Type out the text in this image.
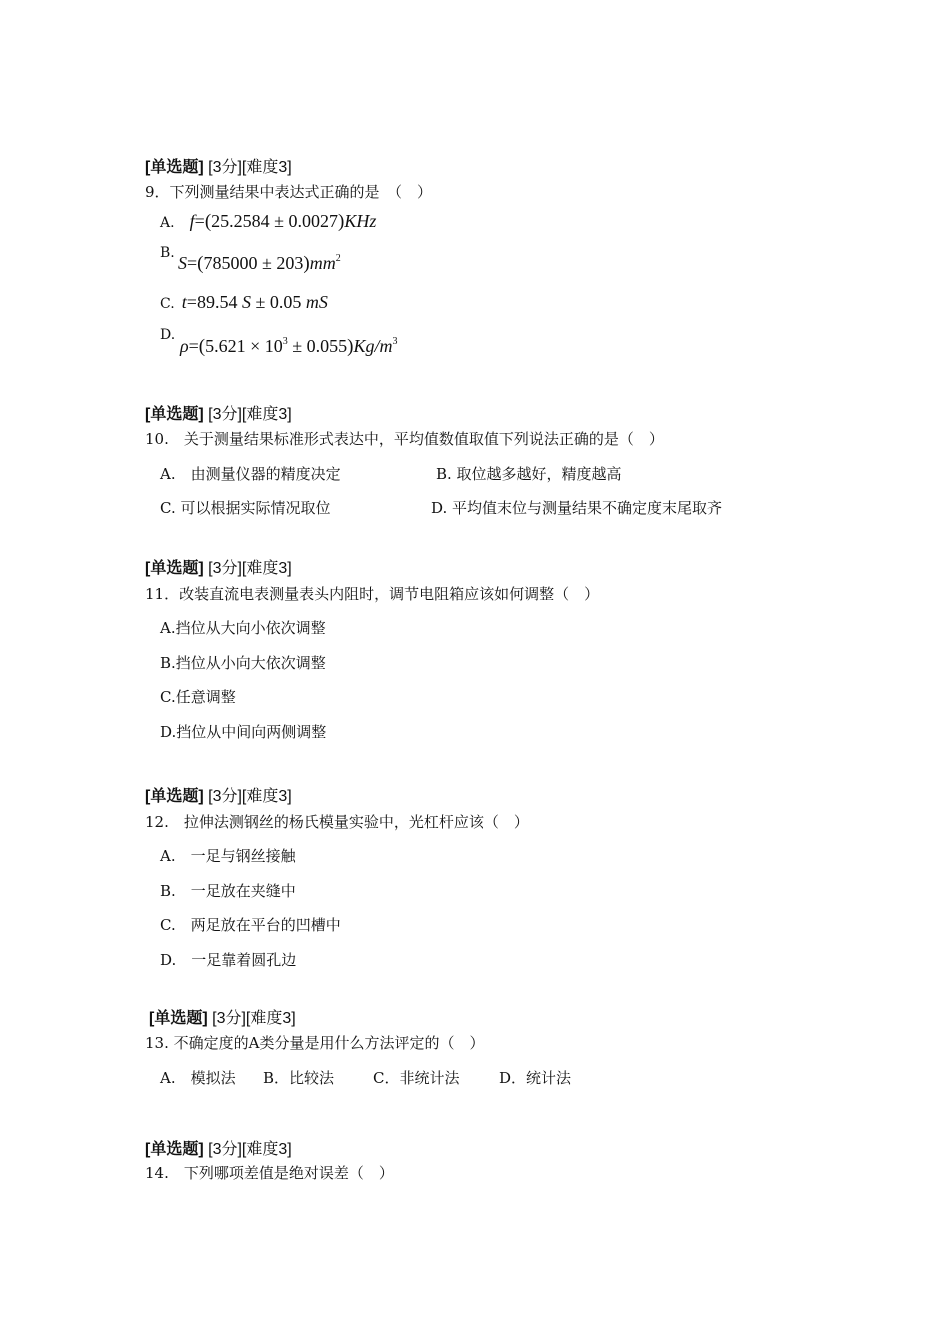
[单选题] [3分][难度3]
9．下列测量结果中表达式正确的是　（　）
A. f=(25.2584 ± 0.0027)KHz
B. $S=(785000 \pm 203)mm^2$
C. t=89.54 S ± 0.05 mS
D.
$\rho=(5.621 \times 10^3 \pm 0.055)Kg/m^3$
[单选题] [3分][难度3]
10.　关于测量结果标准形式表达中，平均值数值取值下列说法正确的是（　）
A.　由测量仪器的精度决定	B. 取位越多越好，精度越高
C. 可以根据实际情况取位	D. 平均值末位与测量结果不确定度末尾取齐
[单选题] [3分][难度3]
11．改装直流电表测量表头内阻时，调节电阻箱应该如何调整（　）
A.挡位从大向小依次调整
B.挡位从小向大依次调整
C.任意调整
D.挡位从中间向两侧调整
[单选题] [3分][难度3]
12.　拉伸法测钢丝的杨氏模量实验中，光杠杆应该（　）
A.　一足与钢丝接触
B.　一足放在夹缝中
C.　两足放在平台的凹槽中
D.　一足靠着圆孔边
[单选题] [3分][难度3]
13. 不确定度的A类分量是用什么方法评定的（　）
A.　模拟法 B．比较法	C．非统计法	D．统计法
[单选题] [3分][难度3]
14.　下列哪项差值是绝对误差（　）
